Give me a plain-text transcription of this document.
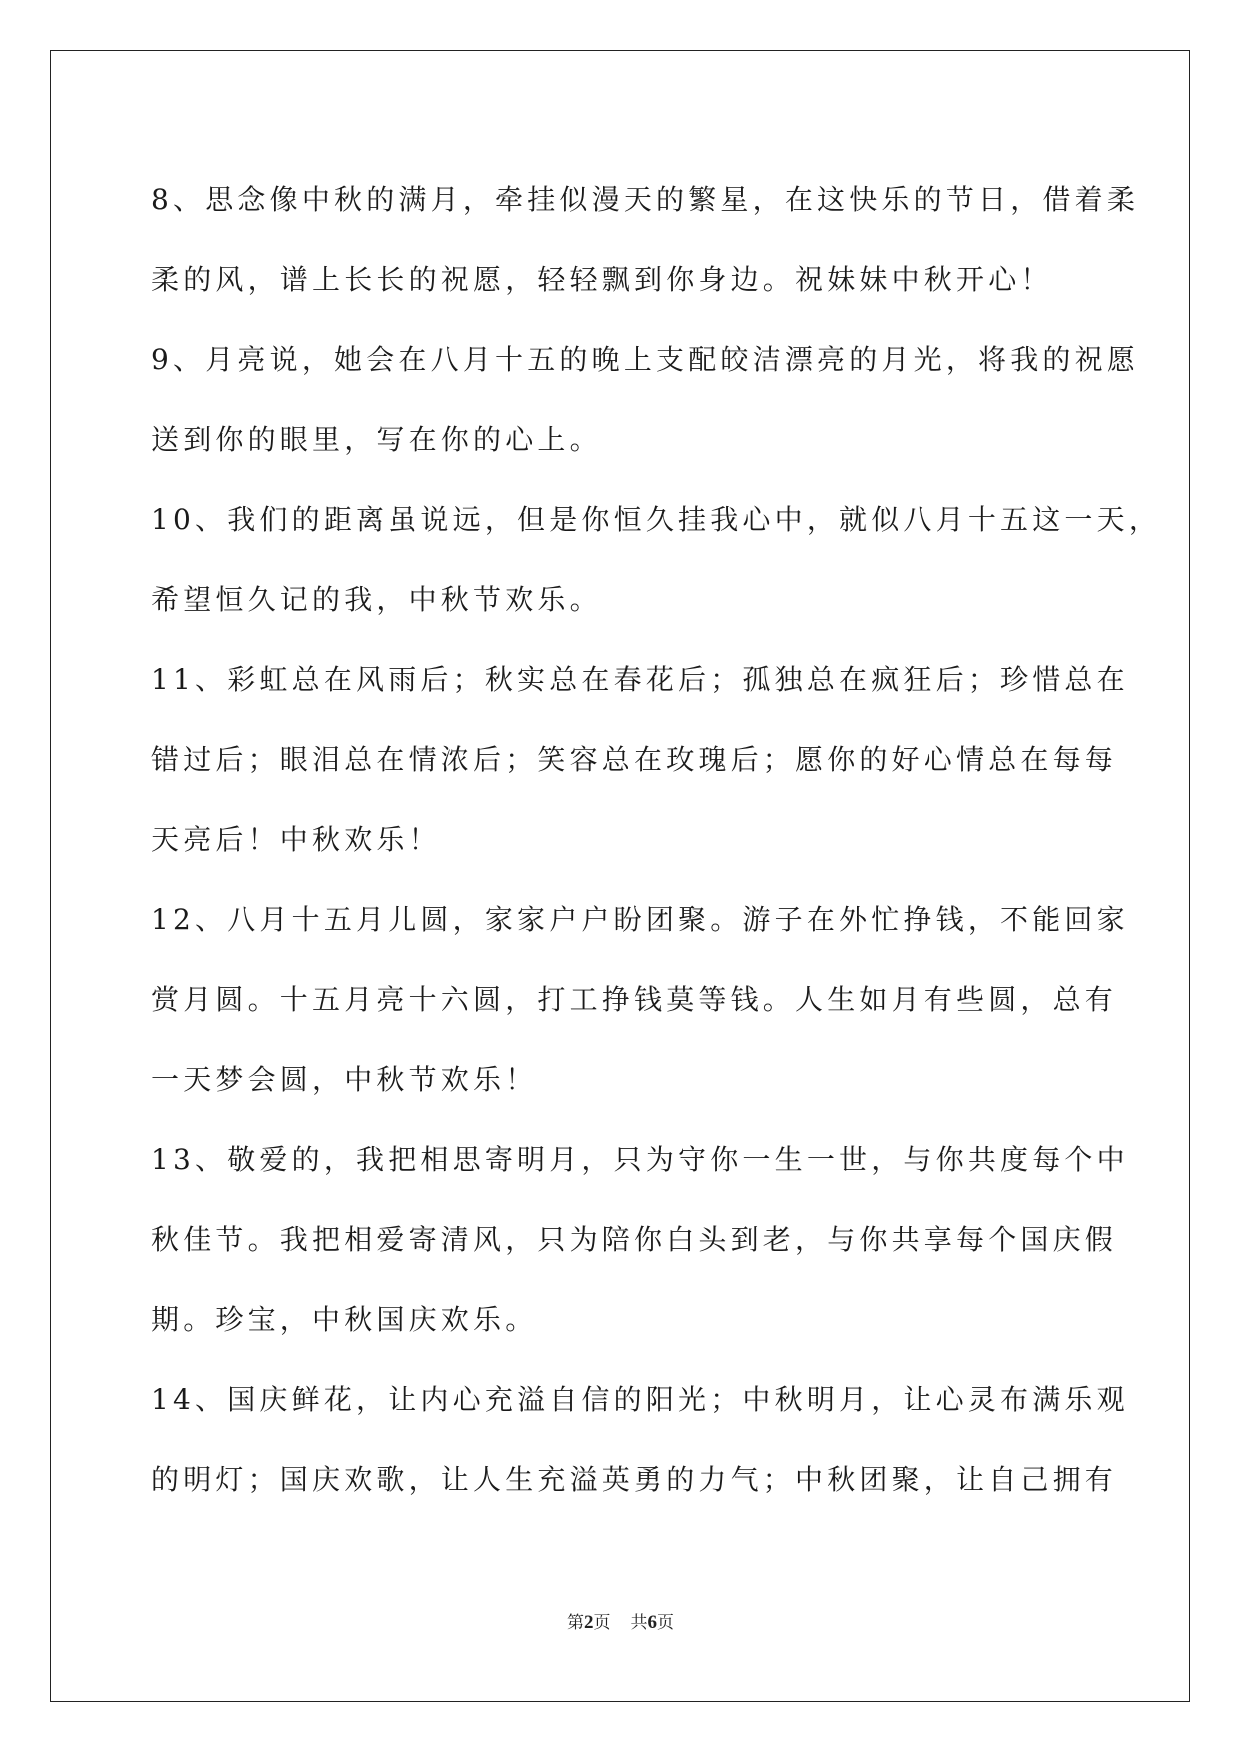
8、思念像中秋的满月，牵挂似漫天的繁星，在这快乐的节日，借着柔
柔的风，谱上长长的祝愿，轻轻飘到你身边。祝妹妹中秋开心！

9、月亮说，她会在八月十五的晚上支配皎洁漂亮的月光，将我的祝愿
送到你的眼里，写在你的心上。

10、我们的距离虽说远，但是你恒久挂我心中，就似八月十五这一天，
希望恒久记的我，中秋节欢乐。

11、彩虹总在风雨后；秋实总在春花后；孤独总在疯狂后；珍惜总在
错过后；眼泪总在情浓后；笑容总在玫瑰后；愿你的好心情总在每每
天亮后！中秋欢乐！

12、八月十五月儿圆，家家户户盼团聚。游子在外忙挣钱，不能回家
赏月圆。十五月亮十六圆，打工挣钱莫等钱。人生如月有些圆，总有
一天梦会圆，中秋节欢乐！

13、敬爱的，我把相思寄明月，只为守你一生一世，与你共度每个中
秋佳节。我把相爱寄清风，只为陪你白头到老，与你共享每个国庆假
期。珍宝，中秋国庆欢乐。

14、国庆鲜花，让内心充溢自信的阳光；中秋明月，让心灵布满乐观
的明灯；国庆欢歌，让人生充溢英勇的力气；中秋团聚，让自己拥有

第2页 共6页
